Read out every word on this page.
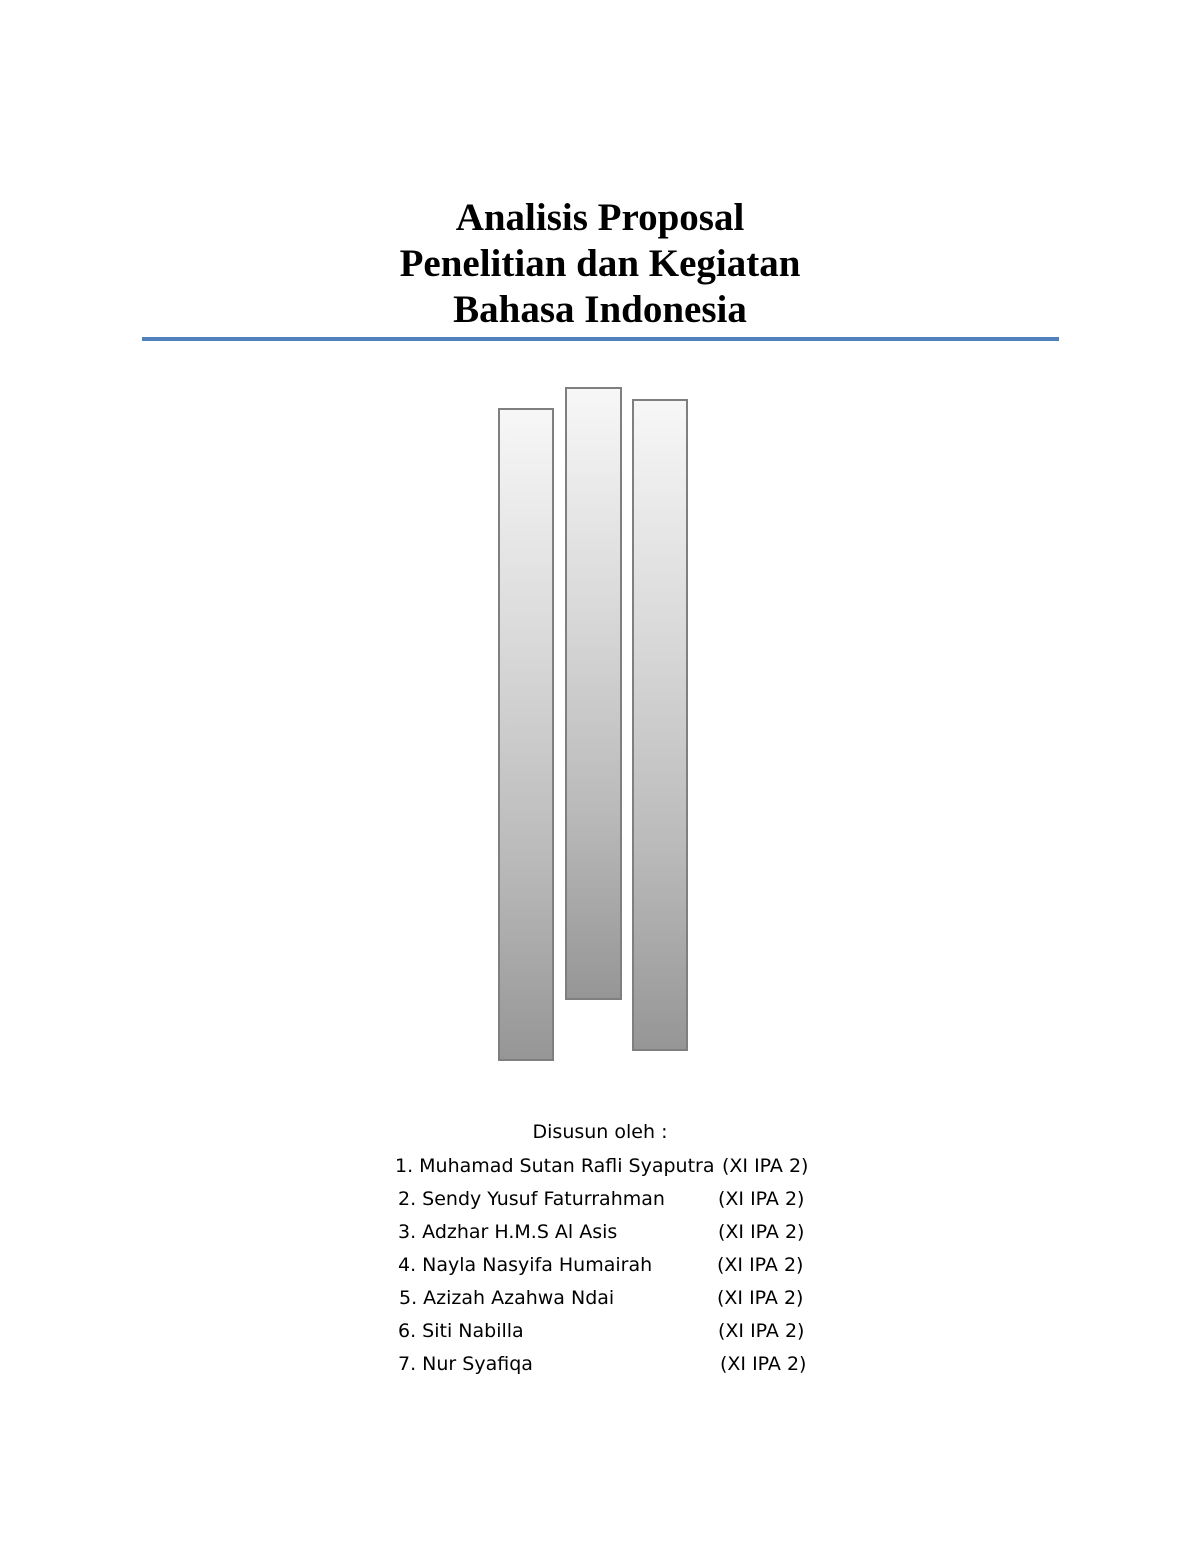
Analisis Proposal
Penelitian dan Kegiatan
Bahasa Indonesia
Disusun oleh :
1. Muhamad Sutan Rafli Syaputra (XI IPA 2)
2. Sendy Yusuf Faturrahman	(XI IPA 2)
3. Adzhar H.M.S Al Asis	(XI IPA 2)
4. Nayla Nasyifa Humairah	(XI IPA 2)
5. Azizah Azahwa Ndai	(XI IPA 2)
6. Siti Nabilla	(XI IPA 2)
7. Nur Syafiqa	(XI IPA 2)
